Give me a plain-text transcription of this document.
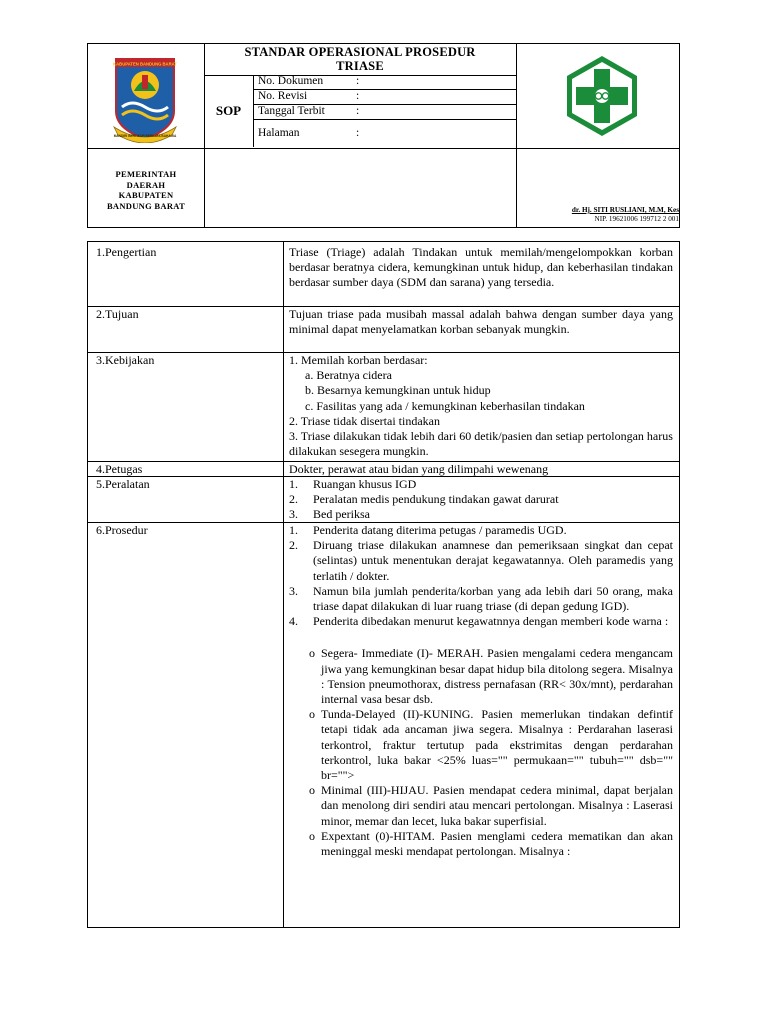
STANDAR OPERASIONAL PROSEDUR
TRIASE
SOP
No. Dokumen	:
No. Revisi	:
Tanggal Terbit	:
Halaman	:
PEMERINTAH
DAERAH
KABUPATEN
BANDUNG BARAT	dr. Hj. SITI RUSLIANI, M.M, Kes
NIP. 19621006 199712 2 001
KABUPATEN BANDUNG BARAT
MANDIRI BERTIKUR BERKATA BAHAGIA
1.Pengertian	Triase (Triage) adalah Tindakan untuk memilah/mengelompokkan korban berdasar beratnya cidera, kemungkinan untuk hidup, dan keberhasilan tindakan berdasar sumber daya (SDM dan sarana) yang tersedia.
2.Tujuan	Tujuan triase pada musibah massal adalah bahwa dengan sumber daya yang minimal dapat menyelamatkan korban sebanyak mungkin.
3.Kebijakan	1. Memilah korban berdasar:

a. Beratnya cidera

b. Besarnya kemungkinan untuk hidup

c. Fasilitas yang ada / kemungkinan keberhasilan tindakan

2. Triase tidak disertai tindakan

3. Triase dilakukan tidak lebih dari 60 detik/pasien dan setiap pertolongan harus dilakukan sesegera mungkin.

4.Petugas	Dokter, perawat atau bidan yang dilimpahi wewenang
5.Peralatan	1. Ruangan khusus IGD
2. Peralatan medis pendukung tindakan gawat darurat
3. Bed periksa
6.Prosedur	1. Penderita datang diterima petugas / paramedis UGD.
2. Diruang triase dilakukan anamnese dan pemeriksaan singkat dan cepat (selintas) untuk menentukan derajat kegawatannya. Oleh paramedis yang terlatih / dokter.
3. Namun bila jumlah penderita/korban yang ada lebih dari 50 orang, maka triase dapat dilakukan di luar ruang triase (di depan gedung IGD).
4. Penderita dibedakan menurut kegawatnnya dengan memberi kode warna :
o Segera- Immediate (I)- MERAH. Pasien mengalami cedera mengancam jiwa yang kemungkinan besar dapat hidup bila ditolong segera. Misalnya : Tension pneumothorax, distress pernafasan (RR< 30x/mnt), perdarahan internal vasa besar dsb.
o Tunda-Delayed (II)-KUNING. Pasien memerlukan tindakan defintif tetapi tidak ada ancaman jiwa segera. Misalnya : Perdarahan laserasi terkontrol, fraktur tertutup pada ekstrimitas dengan perdarahan terkontrol, luka bakar <25% luas="" permukaan="" tubuh="" dsb="" br="">
o Minimal (III)-HIJAU. Pasien mendapat cedera minimal, dapat berjalan dan menolong diri sendiri atau mencari pertolongan. Misalnya : Laserasi minor, memar dan lecet, luka bakar superfisial.
o Expextant (0)-HITAM. Pasien menglami cedera mematikan dan akan meninggal meski mendapat pertolongan. Misalnya :
